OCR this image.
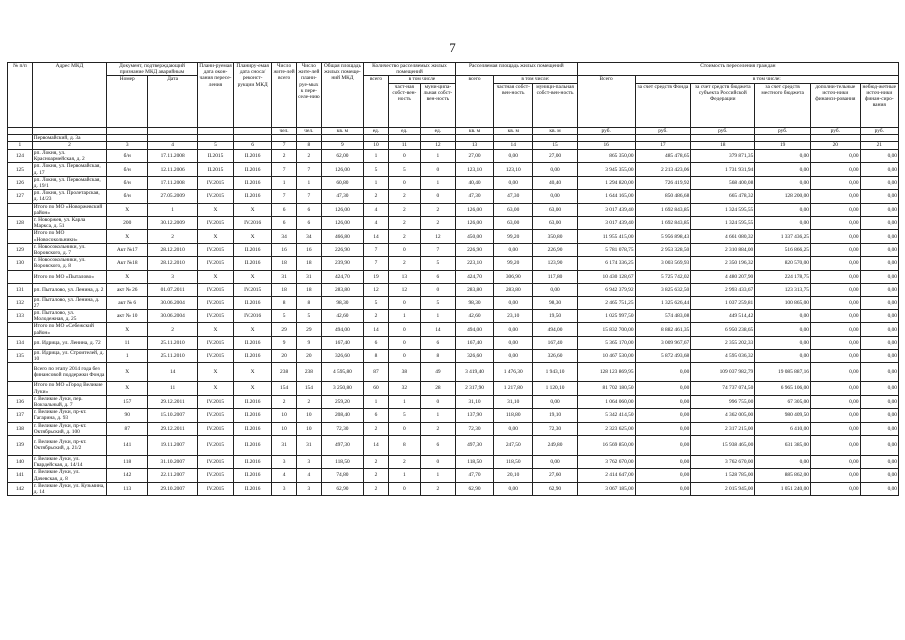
7
№ п/п	Адрес МКД	Документ, подтверждающий признание МКД аварийным		Плани-руемая дата окон-чания пересе-ления	Планиру-емая дата сноса/ реконст-рукции МКД	Число жите-лей всего	Число жите-лей плани-руе-мых к пере-селе-нию	Общая площадь жилых помеще-ний МКД	Количество расселяемых жилых помещений			Расселяемая площадь жилых помещений			Стоимость переселения граждан					
		Номер	Дата						всего	в том числе		всего	в том числе:		Всего	в том числе:				
										част-ная собст-вен-ность	муни-ципа-льная собст-вен-ность		частная собст-вен-ность	муници-пальная собст-вен-ность		за счет средств Фонда	за счет средств бюджета субъекта Российской Федерации	за счет средств местного бюджета	дополни-тельные источ-ники финанси-рования	небюд-жетные источ-ники финан-сиро-вания
						чел.	чел.	кв. м	ед.	ед.	ед.	кв. м	кв. м	кв. м	руб.	руб.	руб.	руб.	руб.	руб.
	Первомайский, д. 3а																			
1	2	3	4	5	6	7	8	9	10	11	12	13	14	15	16	17	18	19	20	21
124	рп. Локня, ул. Красноармейская, д. 2	б/н	17.11.2008	II.2015	II.2016	2	2	62,00	1	0	1	27,00	0,00	27,00	865 350,00	485 478,65	379 871,35	0,00	0,00	0,00
125	рп. Локня, ул. Первомайская, д. 17	б/н	12.11.2006	II.2015	II.2016	7	7	126,00	5	5	0	123,10	123,10	0,00	3 945 355,00	2 213 423,06	1 731 931,94	0,00	0,00	0,00
126	рп. Локня, ул. Первомайская, д. 19/1	б/н	17.11.2008	IV.2015	II.2016	1	1	60,80	1	0	1	40,40	0,00	40,40	1 294 820,00	726 419,92	568 400,08	0,00	0,00	0,00
127	рп. Локня, ул. Пролетарская, д. 14/23	б/н	27.05.2009	IV.2015	II.2016	7	7	47,30	2	2	0	47,30	47,30	0,00	1 644 165,00	850 486,68	665 478,32	128 200,00	0,00	0,00
	Итого по МО «Новоржевский район»	X	1	X	X	6	6	126,00	4	2	2	126,00	63,00	63,00	3 017 439,40	1 692 843,85	1 324 595,55	0,00	0,00	0,00
128	г. Новоржев, ул. Карла Маркса, д. 51	200	30.12.2009	IV.2015	IV.2016	6	6	126,00	4	2	2	126,00	63,00	63,00	3 017 439,40	1 692 843,85	1 324 595,55	0,00	0,00	0,00
	Итого по МО «Новосокольники»	X	2	X	X	34	34	466,80	14	2	12	450,00	99,20	350,80	11 955 415,00	5 956 898,43	4 661 080,32	1 337 436,25	0,00	0,00
129	г. Новосокольники, ул. Воровского, д. 7	Акт №17	28.12.2010	IV.2015	II.2016	16	16	226,90	7	0	7	226,90	0,00	226,90	5 781 078,75	2 953 328,50	2 310 884,00	516 866,25	0,00	0,00
130	г. Новосокольники, ул. Воровского, д. 8	Акт №18	28.12.2010	IV.2015	II.2016	18	18	239,90	7	2	5	223,10	99,20	123,90	6 174 336,25	3 003 569,93	2 350 196,32	820 570,00	0,00	0,00
	Итого по МО «Пыталово»	X	3	X	X	31	31	424,70	19	13	6	424,70	306,90	117,80	10 430 128,67	5 725 742,02	4 480 207,90	224 178,75	0,00	0,00
131	рп. Пыталово, ул. Ленина, д. 2	акт № 26	01.07.2011	IV.2015	IV.2015	18	18	283,80	12	12	0	283,80	283,80	0,00	6 942 379,92	3 825 632,50	2 993 433,67	123 313,75	0,00	0,00
132	рп. Пыталово, ул. Ленина, д. 27	акт № 6	30.06.2004	IV.2015	II.2016	8	8	98,30	5	0	5	98,30	0,00	98,30	2 465 751,25	1 325 626,44	1 037 259,81	100 865,00	0,00	0,00
133	рп. Пыталово, ул. Молодежная, д. 25	акт № 10	30.06.2004	IV.2015	IV.2016	5	5	42,60	2	1	1	42,60	23,10	19,50	1 025 997,50	574 483,08	449 514,42	0,00	0,00	0,00
	Итого по МО «Себежский район»	X	2	X	X	29	29	494,00	14	0	14	494,00	0,00	494,00	15 832 700,00	8 882 461,35	6 950 238,65	0,00	0,00	0,00
134	рп. Идрица, ул. Ленина, д. 72	11	25.11.2010	IV.2015	II.2016	9	9	167,40	6	0	6	167,40	0,00	167,40	5 365 170,00	3 009 967,67	2 355 202,33	0,00	0,00	0,00
135	рп. Идрица, ул. Строителей, д. 10	1	25.11.2010	IV.2015	II.2016	20	20	326,60	8	0	8	326,60	0,00	326,60	10 467 530,00	5 872 493,68	4 595 036,32	0,00	0,00	0,00
	Всего по этапу 2014 года без финансовой поддержки Фонда	X	14	X	X	238	238	4 595,80	87	38	49	3 419,40	1 476,30	1 943,10	128 123 869,95	0,00	109 037 982,79	19 085 887,16	0,00	0,00
	Итого по МО «Город Великие Луки»	X	11	X	X	154	154	3 250,80	60	32	28	2 317,90	1 217,80	1 120,10	81 702 180,50	0,00	74 737 074,50	6 965 106,00	0,00	0,00
136	г. Великие Луки, пер. Вокзальный, д. 7	157	29.12.2011	IV.2015	II.2016	2	2	259,20	1	1	0	31,10	31,10	0,00	1 064 060,00	0,00	996 755,00	67 305,00	0,00	0,00
137	г. Великие Луки, пр-кт. Гагарина, д. 93	90	15.10.2007	IV.2015	II.2016	10	10	208,40	6	5	1	137,90	118,80	19,10	5 342 414,50	0,00	4 362 005,00	980 409,50	0,00	0,00
138	г. Великие Луки, пр-кт. Октябрьский, д. 100	87	29.12.2011	IV.2015	II.2016	10	10	72,30	2	0	2	72,30	0,00	72,30	2 323 625,00	0,00	2 317 215,00	6 410,00	0,00	0,00
139	г. Великие Луки, пр-кт. Октябрьский, д. 21/2	141	19.11.2007	IV.2015	II.2016	31	31	497,30	14	8	6	497,30	247,50	249,80	16 569 850,00	0,00	15 938 465,00	631 385,00	0,00	0,00
140	г. Великие Луки, ул. Гвардейская, д. 14/14	118	31.10.2007	IV.2015	II.2016	3	3	118,50	2	2	0	118,50	118,50	0,00	3 762 670,00	0,00	3 762 670,00	0,00	0,00	0,00
141	г. Великие Луки, ул. Дачевская, д. 8	142	22.11.2007	IV.2015	II.2016	4	4	74,80	2	1	1	47,70	20,10	27,60	2 414 647,00	0,00	1 528 785,00	885 862,00	0,00	0,00
142	г. Великие Луки, ул. Кузьмина, д. 14	113	29.10.2007	IV.2015	II.2016	3	3	62,90	2	0	2	62,90	0,00	62,90	3 067 185,00	0,00	2 015 945,00	1 051 240,00	0,00	0,00
